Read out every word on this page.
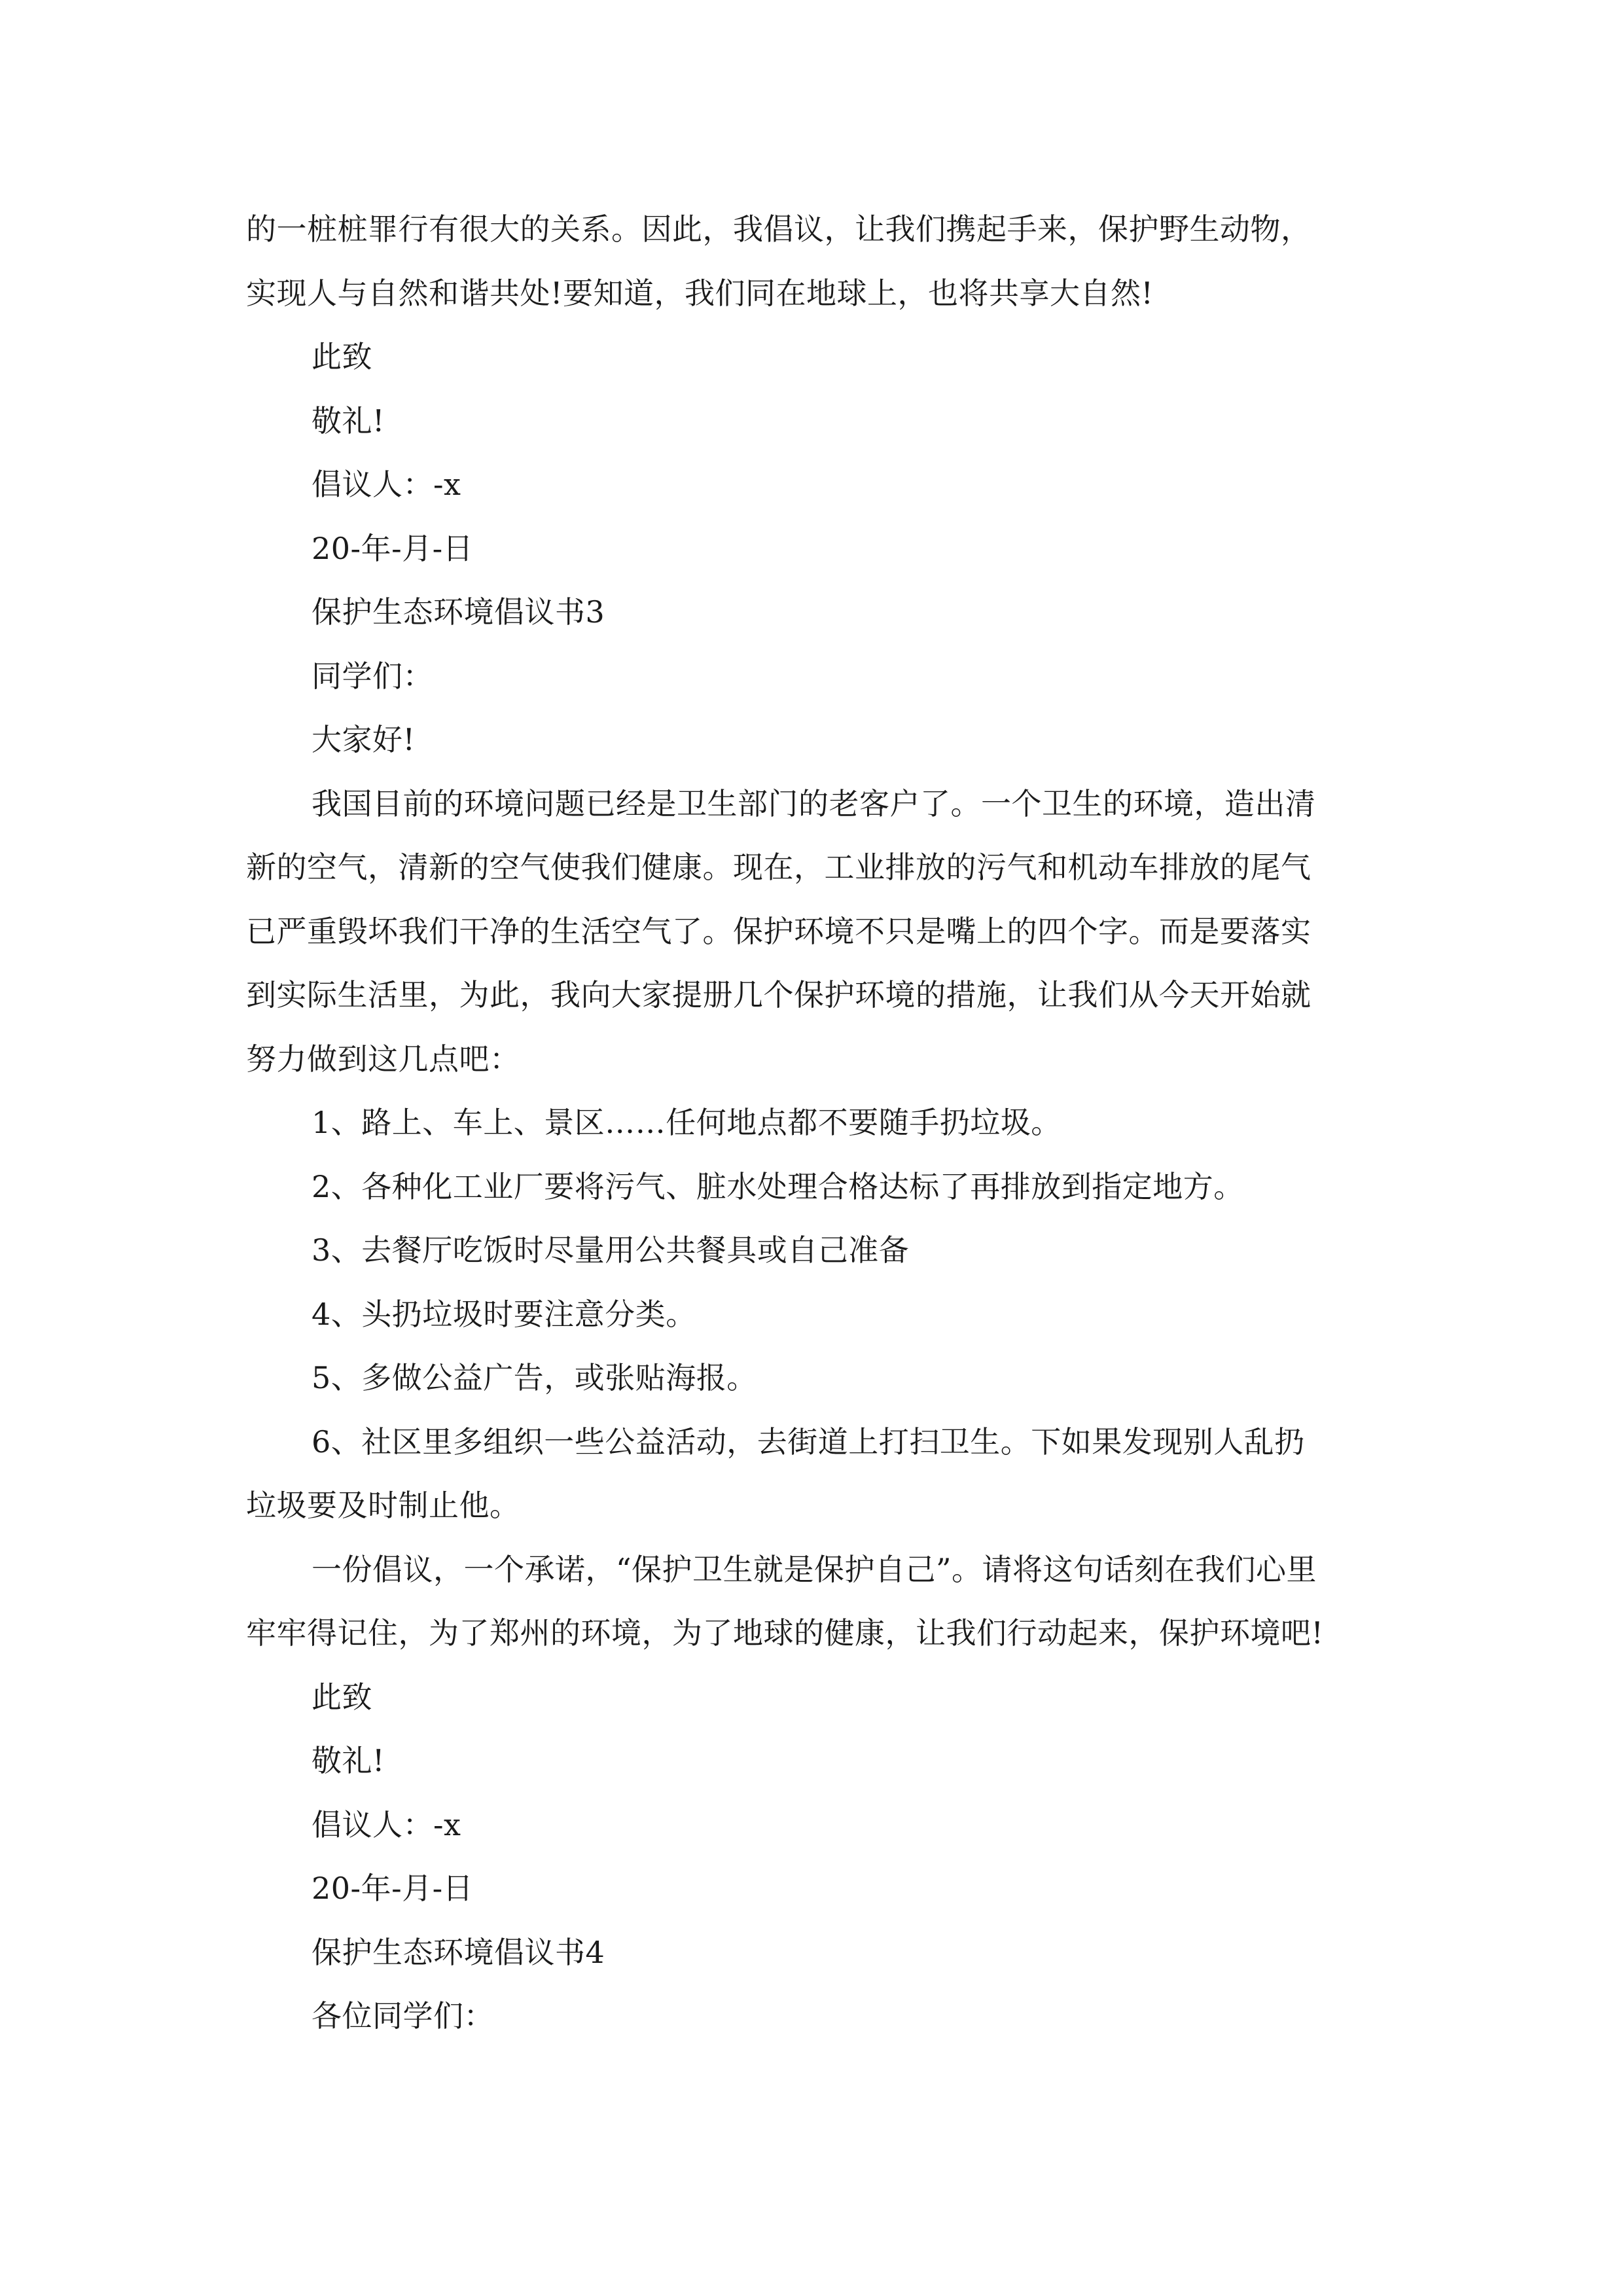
的一桩桩罪行有很大的关系。因此，我倡议，让我们携起手来，保护野生动物，
实现人与自然和谐共处!要知道，我们同在地球上，也将共享大自然!
此致
敬礼!
倡议人：-x
20-年-月-日
保护生态环境倡议书3
同学们：
大家好!
我国目前的环境问题已经是卫生部门的老客户了。一个卫生的环境，造出清
新的空气，清新的空气使我们健康。现在，工业排放的污气和机动车排放的尾气
已严重毁坏我们干净的生活空气了。保护环境不只是嘴上的四个字。而是要落实
到实际生活里，为此，我向大家提册几个保护环境的措施，让我们从今天开始就
努力做到这几点吧：
1、路上、车上、景区……任何地点都不要随手扔垃圾。
2、各种化工业厂要将污气、脏水处理合格达标了再排放到指定地方。
3、去餐厅吃饭时尽量用公共餐具或自己准备
4、头扔垃圾时要注意分类。
5、多做公益广告，或张贴海报。
6、社区里多组织一些公益活动，去街道上打扫卫生。下如果发现别人乱扔
垃圾要及时制止他。
一份倡议，一个承诺，“保护卫生就是保护自己”。请将这句话刻在我们心里
牢牢得记住，为了郑州的环境，为了地球的健康，让我们行动起来，保护环境吧!
此致
敬礼!
倡议人：-x
20-年-月-日
保护生态环境倡议书4
各位同学们：
